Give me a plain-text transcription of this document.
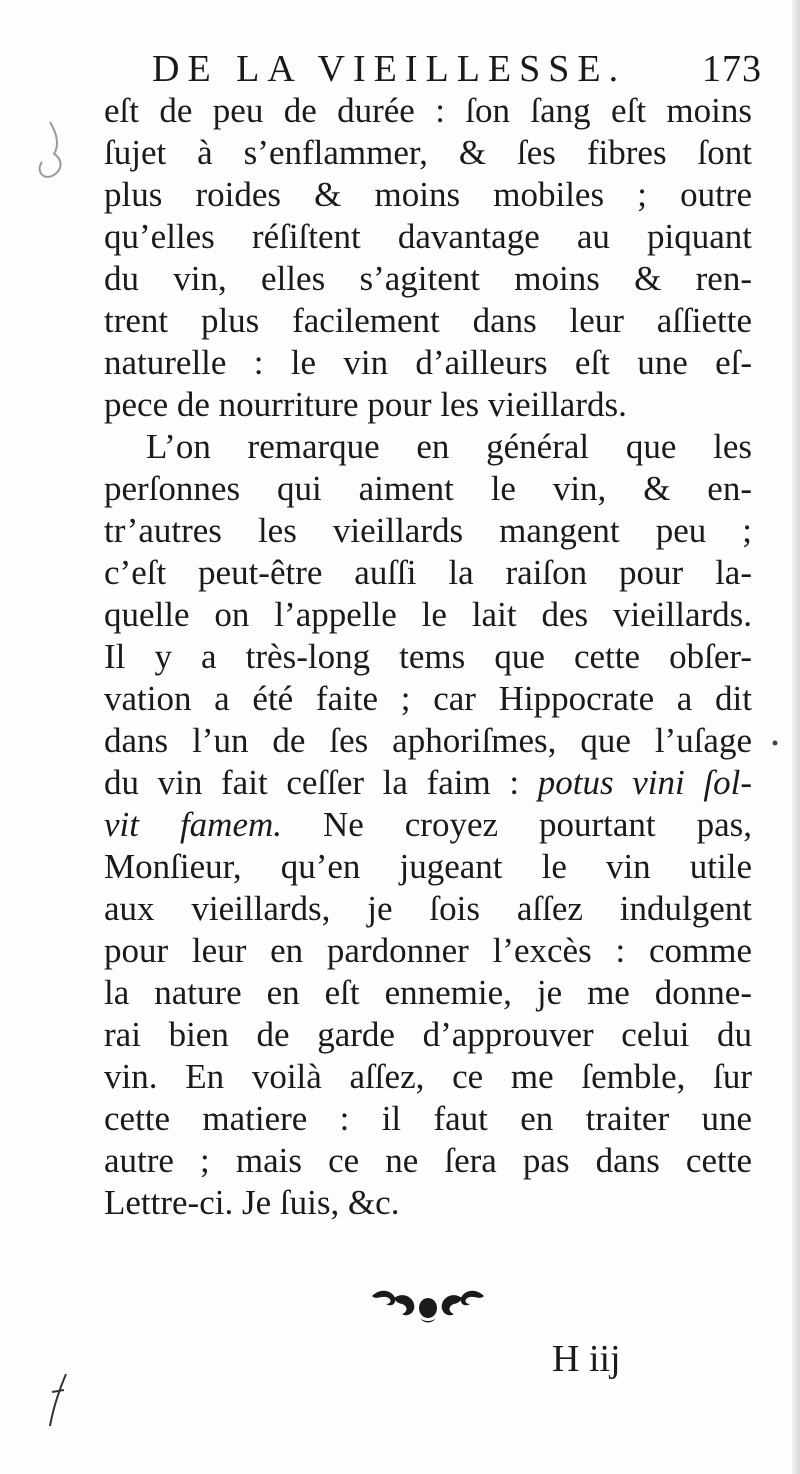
DE LA VIEILLESSE. 173
eſt de peu de durée : ſon ſang eſt moins
ſujet à s’enflammer, & ſes fibres ſont
plus roides & moins mobiles ; outre
qu’elles réſiſtent davantage au piquant
du vin, elles s’agitent moins & ren-
trent plus facilement dans leur aſſiette
naturelle : le vin d’ailleurs eſt une eſ-
pece de nourriture pour les vieillards.
L’on remarque en général que les
perſonnes qui aiment le vin, & en-
tr’autres les vieillards mangent peu ;
c’eſt peut-être auſſi la raiſon pour la-
quelle on l’appelle le lait des vieillards.
Il y a très-long tems que cette obſer-
vation a été faite ; car Hippocrate a dit
dans l’un de ſes aphoriſmes, que l’uſage
du vin fait ceſſer la faim : potus vini ſol-
vit famem. Ne croyez pourtant pas,
Monſieur, qu’en jugeant le vin utile
aux vieillards, je ſois aſſez indulgent
pour leur en pardonner l’excès : comme
la nature en eſt ennemie, je me donne-
rai bien de garde d’approuver celui du
vin. En voilà aſſez, ce me ſemble, ſur
cette matiere : il faut en traiter une
autre ; mais ce ne ſera pas dans cette
Lettre-ci. Je ſuis, &c.
H iij
